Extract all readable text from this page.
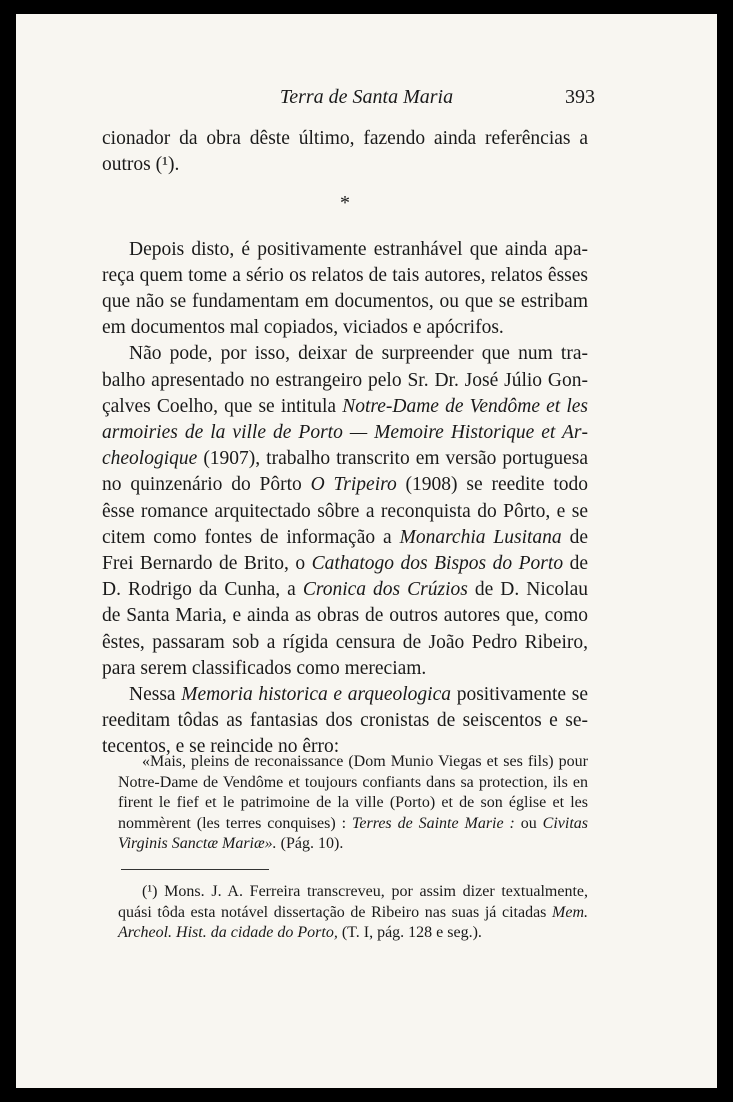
Terra de Santa Maria	393

cionador da obra dêste último, fazendo ainda referências a outros (¹).

*

Depois disto, é positivamente estranhável que ainda apareça quem tome a sério os relatos de tais autores, relatos êsses que não se fundamentam em documentos, ou que se estribam em documentos mal copiados, viciados e apócrifos.

Não pode, por isso, deixar de surpreender que num trabalho apresentado no estrangeiro pelo Sr. Dr. José Júlio Gonçalves Coelho, que se intitula Notre-Dame de Vendôme et les armoiries de la ville de Porto — Memoire Historique et Archeologique (1907), trabalho transcrito em versão portuguesa no quinzenário do Pôrto O Tripeiro (1908) se reedite todo êsse romance arquitectado sôbre a reconquista do Pôrto, e se citem como fontes de informação a Monarchia Lusitana de Frei Bernardo de Brito, o Cathatogo dos Bispos do Porto de D. Rodrigo da Cunha, a Cronica dos Crúzios de D. Nicolau de Santa Maria, e ainda as obras de outros autores que, como êstes, passaram sob a rígida censura de João Pedro Ribeiro, para serem classificados como mereciam.

Nessa Memoria historica e arqueologica positivamente se reeditam tôdas as fantasias dos cronistas de seiscentos e setecentos, e se reincide no êrro:

«Mais, pleins de reconaissance (Dom Munio Viegas et ses fils) pour Notre-Dame de Vendôme et toujours confiants dans sa protection, ils en firent le fief et le patrimoine de la ville (Porto) et de son église et les nommèrent (les terres conquises) : Terres de Sainte Marie : ou Civitas Virginis Sanctæ Mariæ». (Pág. 10).

(¹) Mons. J. A. Ferreira transcreveu, por assim dizer textualmente, quási tôda esta notável dissertação de Ribeiro nas suas já citadas Mem. Archeol. Hist. da cidade do Porto, (T. I, pág. 128 e seg.).
